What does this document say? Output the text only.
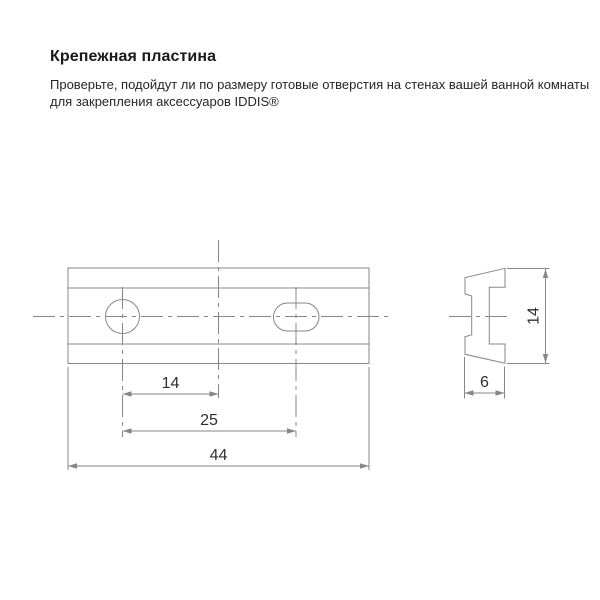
Крепежная пластина
Проверьте, подойдут ли по размеру готовые отверстия на стенах вашей ванной комнаты
для закрепления аксессуаров IDDIS®
14
25
44
14
6
